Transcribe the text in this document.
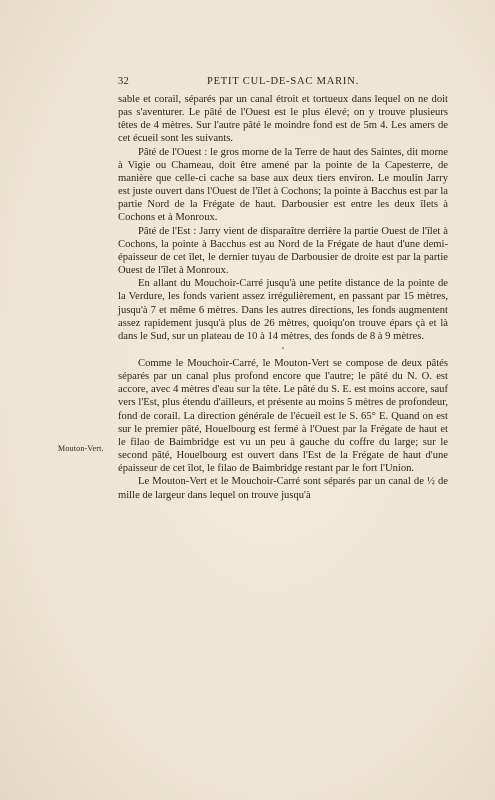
32	PETIT CUL-DE-SAC MARIN.
Mouton-Vert.

sable et corail, séparés par un canal étroit et tortueux dans lequel on ne doit pas s'aventurer. Le pâté de l'Ouest est le plus élevé; on y trouve plusieurs têtes de 4 mètres. Sur l'autre pâté le moindre fond est de 5m 4. Les amers de cet écueil sont les suivants.

Pâté de l'Ouest : le gros morne de la Terre de haut des Saintes, dit morne à Vigie ou Chameau, doit être amené par la pointe de la Capesterre, de manière que celle-ci cache sa base aux deux tiers environ. Le moulin Jarry est juste ouvert dans l'Ouest de l'îlet à Cochons; la pointe à Bacchus est par la partie Nord de la Frégate de haut. Darbousier est entre les deux îlets à Cochons et à Monroux.

Pâté de l'Est : Jarry vient de disparaître derrière la partie Ouest de l'îlet à Cochons, la pointe à Bacchus est au Nord de la Frégate de haut d'une demi-épaisseur de cet îlet, le dernier tuyau de Darbousier de droite est par la partie Ouest de l'îlet à Monroux.

En allant du Mouchoir-Carré jusqu'à une petite distance de la pointe de la Verdure, les fonds varient assez irrégulièrement, en passant par 15 mètres, jusqu'à 7 et même 6 mètres. Dans les autres directions, les fonds augmentent assez rapidement jusqu'à plus de 26 mètres, quoiqu'on trouve épars çà et là dans le Sud, sur un plateau de 10 à 14 mètres, des fonds de 8 à 9 mètres.

*

Comme le Mouchoir-Carré, le Mouton-Vert se compose de deux pâtés séparés par un canal plus profond encore que l'autre; le pâté du N. O. est accore, avec 4 mètres d'eau sur la tête. Le pâté du S. E. est moins accore, sauf vers l'Est, plus étendu d'ailleurs, et présente au moins 5 mètres de profondeur, fond de corail. La direction générale de l'écueil est le S. 65° E. Quand on est sur le premier pâté, Houelbourg est fermé à l'Ouest par la Frégate de haut et le filao de Baimbridge est vu un peu à gauche du coffre du large; sur le second pâté, Houelbourg est ouvert dans l'Est de la Frégate de haut d'une épaisseur de cet îlot, le filao de Baimbridge restant par le fort l'Union.

Le Mouton-Vert et le Mouchoir-Carré sont séparés par un canal de ½ de mille de largeur dans lequel on trouve jusqu'à
